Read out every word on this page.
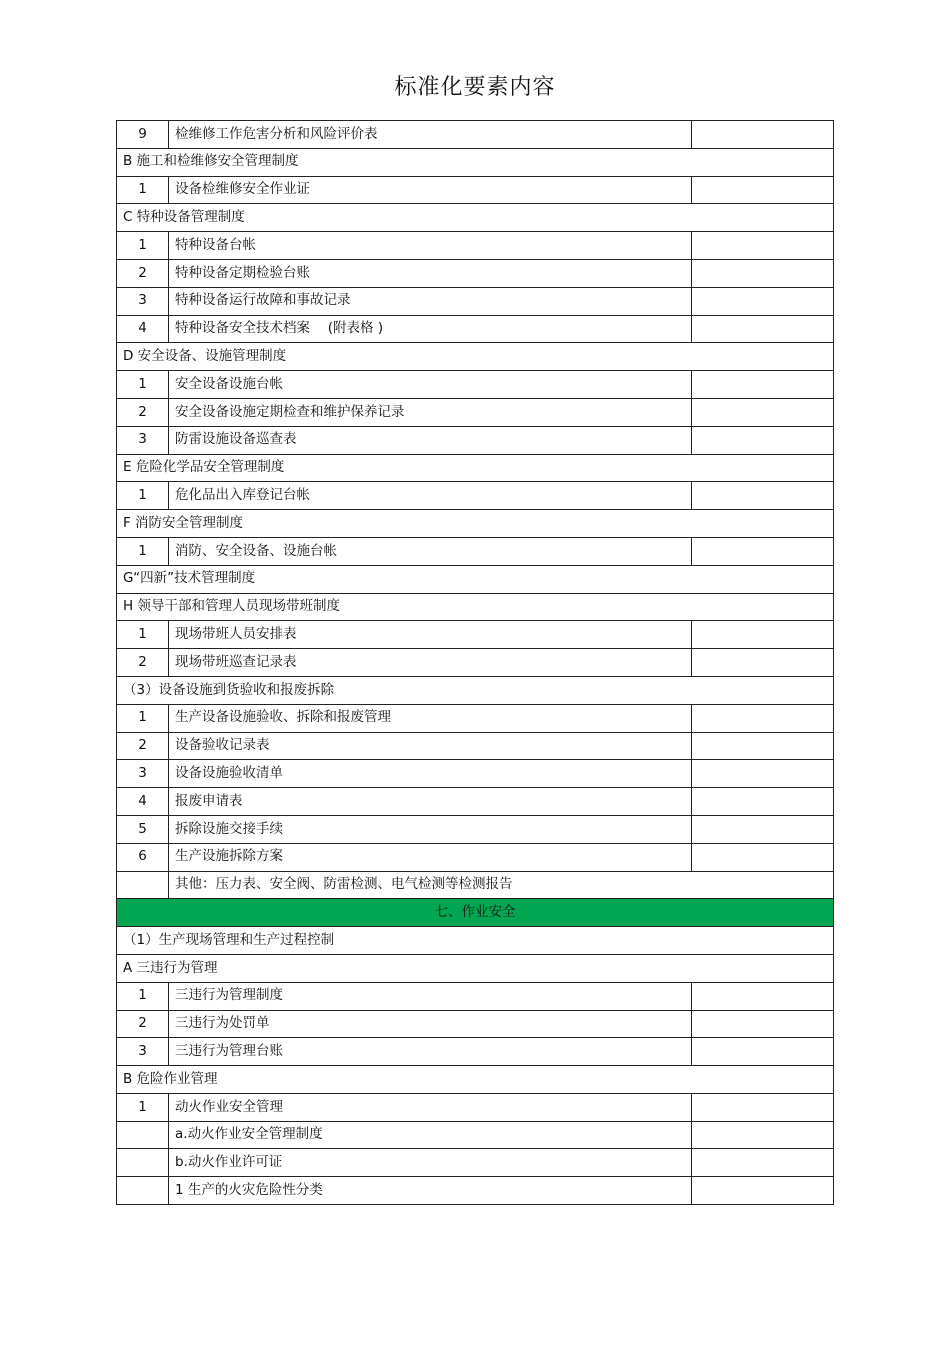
标准化要素内容
9	检维修工作危害分析和风险评价表	
B 施工和检维修安全管理制度		
1	设备检维修安全作业证	
C 特种设备管理制度		
1	特种设备台帐	
2	特种设备定期检验台账	
3	特种设备运行故障和事故记录	
4	特种设备安全技术档案　 (附表格 )	
D 安全设备、设施管理制度		
1	安全设备设施台帐	
2	安全设备设施定期检查和维护保养记录	
3	防雷设施设备巡查表	
E 危险化学品安全管理制度		
1	危化品出入库登记台帐	
F 消防安全管理制度		
1	消防、安全设备、设施台帐	
G“四新”技术管理制度		
H 领导干部和管理人员现场带班制度		
1	现场带班人员安排表	
2	现场带班巡查记录表	
（3）设备设施到货验收和报废拆除		
1	生产设备设施验收、拆除和报废管理	
2	设备验收记录表	
3	设备设施验收清单	
4	报废申请表	
5	拆除设施交接手续	
6	生产设施拆除方案	
	其他：压力表、安全阀、防雷检测、电气检测等检测报告	
七、作业安全		
（1）生产现场管理和生产过程控制		
A 三违行为管理		
1	三违行为管理制度	
2	三违行为处罚单	
3	三违行为管理台账	
B 危险作业管理		
1	动火作业安全管理	
	a.动火作业安全管理制度	
	b.动火作业许可证	
	1 生产的火灾危险性分类	
